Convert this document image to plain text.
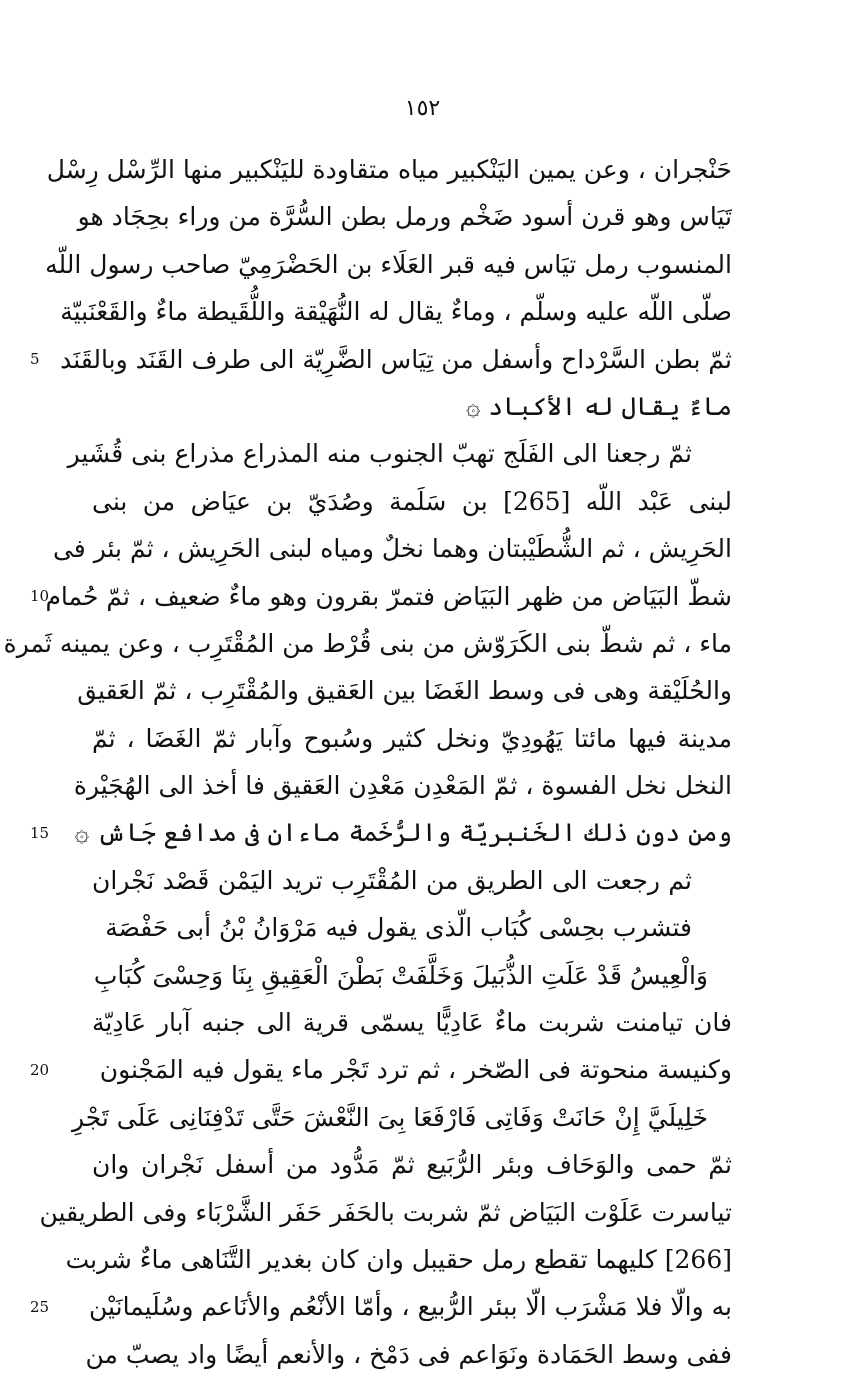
١٥٢
حَنْجران ، وعن يمين اليَنْكبير مياه متقاودة لليَنْكبير منها الرِّسْل رِسْل
تَيَاس وهو قرن أسود ضَخْم ورمل بطن السُّرَّة من وراء بحِجَاد هو
المنسوب رمل تيَاس فيه قبر العَلَاء بن الحَضْرَمِيّ صاحب رسول اللّه
صلّى اللّه عليه وسلّم ، وماءٌ يقال له النُّهَيْقة واللُّقَيطة ماءٌ والقَعْنَبيّة
ثمّ بطن السَّرْداح وأسفل من تِيَاس الضَّرِيّة الى طرف القَنَد وبالقَنَد
5
ماءٌ يقال له الأكباد ۞
ثمّ رجعنا الى الفَلَج تهبّ الجنوب منه المذراع مذراع بنى قُشَير
لبنى عَبْد اللّه [265] بن سَلَمة وصُدَيّ بن عيَاض من بنى
الحَرِيش ، ثم الشُّطَيْبتان وهما نخلٌ ومياه لبنى الحَرِيش ، ثمّ بئر فى
شطّ البَيَاض من ظهر البَيَاض فتمرّ بقرون وهو ماءٌ ضعيف ، ثمّ حُمام
10
ماء ، ثم شطّ بنى الكَرَوّش من بنى قُرْط من المُقْتَرِب ، وعن يمينه ثَمرة
والحُلَيْقة وهى فى وسط الغَضَا بين العَقيق والمُقْتَرِب ، ثمّ العَقيق
مدينة فيها مائتا يَهُودِيّ ونخل كثير وسُبوح وآبار ثمّ الغَضَا ، ثمّ
النخل نخل الفسوة ، ثمّ المَعْدِن مَعْدِن العَقيق فا أخذ الى الهُجَيْرة
ومن دون ذلك الخَنبريّة والرُّخَمة ماءان فى مدافع جَاش ۞
15
ثم رجعت الى الطريق من المُقْتَرِب تريد اليَمْن قَصْد نَجْران
فتشرب بحِسْى كُبَاب الّذى يقول فيه مَرْوَانُ بْنُ أبى حَفْصَة
وَالْعِيسُ قَدْ عَلَتِ الذُّبَيلَ وَخَلَّفَتْ بَطْنَ الْعَقِيقِ بِنَا وَحِسْىَ كُبَابِ
فان تيامنت شربت ماءٌ عَادِيًّا يسمّى قرية الى جنبه آبار عَادِيّة
وكنيسة منحوتة فى الصّخر ، ثم ترد تَجْر ماء يقول فيه المَجْنون
20
خَلِيلَيَّ إِنْ حَانَتْ وَفَاتِى فَارْفَعَا بِىَ النَّعْشَ حَتَّى تَدْفِنَانِى عَلَى تَجْرِ
ثمّ حمى والوَحَاف وبئر الرُّبَيع ثمّ مَدُّود من أسفل نَجْران وان
تياسرت عَلَوْت البَيَاض ثمّ شربت بالحَفَر حَفَر الشَّرْبَاء وفى الطريقين
[266] كليهما تقطع رمل حقيبل وان كان بغدير التَّنَاهى ماءٌ شربت
به والّا فلا مَشْرَب الّا ببئر الرُّبيع ، وأمّا الأنْعُم والأنَاعم وسُلَيمانَيْن
25
ففى وسط الحَمَادة ونَوَاعم فى دَمْخ ، والأنعم أيضًا واد يصبّ من
